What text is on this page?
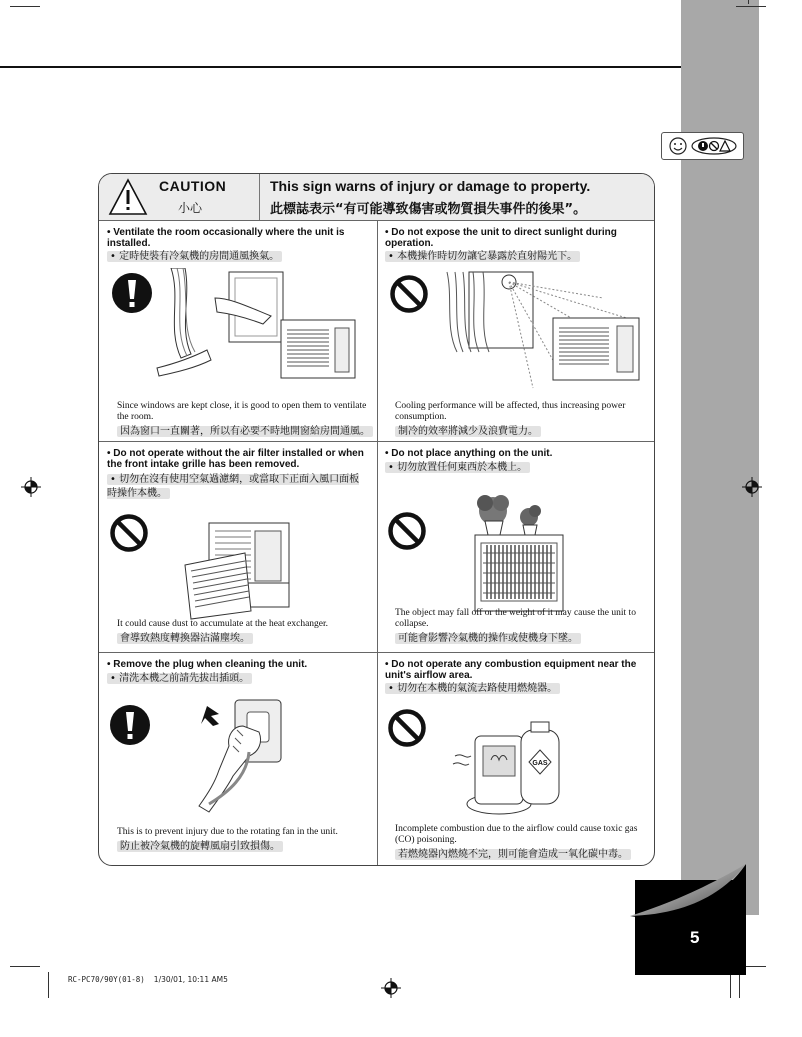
CAUTION
小心
This sign warns of injury or damage to property.
此標誌表示“有可能導致傷害或物質損失事件的後果”。
• Ventilate the room occasionally where the unit is installed.
• 定時使裝有冷氣機的房間通風換氣。
Since windows are kept close, it is good to open them to ventilate the room.
因為窗口一直關著，所以有必要不時地開窗給房間通風。
• Do not expose the unit to direct sunlight during operation.
• 本機操作時切勿讓它暴露於直射陽光下。
Cooling performance will be affected, thus increasing power consumption.
制冷的效率將減少及浪費電力。
• Do not operate without the air filter installed or when the front intake grille has been removed.
• 切勿在沒有使用空氣過濾網，或當取下正面入風口面板時操作本機。
It could cause dust to accumulate at the heat exchanger.
會導致熱度轉換器沾滿塵埃。
• Do not place anything on the unit.
• 切勿放置任何東西於本機上。
The object may fall off or the weight of it may cause the unit to collapse.
可能會影響冷氣機的操作或使機身下墜。
• Remove the plug when cleaning the unit.
• 清洗本機之前請先拔出插頭。
This is to prevent injury due to the rotating fan in the unit.
防止被冷氣機的旋轉風扇引致損傷。
• Do not operate any combustion equipment near the unit's airflow area.
• 切勿在本機的氣流去路使用燃燒器。
GAS
Incomplete combustion due to the airflow could cause toxic gas (CO) poisoning.
若燃燒器內燃燒不完，則可能會造成一氧化碳中毒。
5
RC-PC70/90Y(01-8) 1/30/01, 10:11 AM5
